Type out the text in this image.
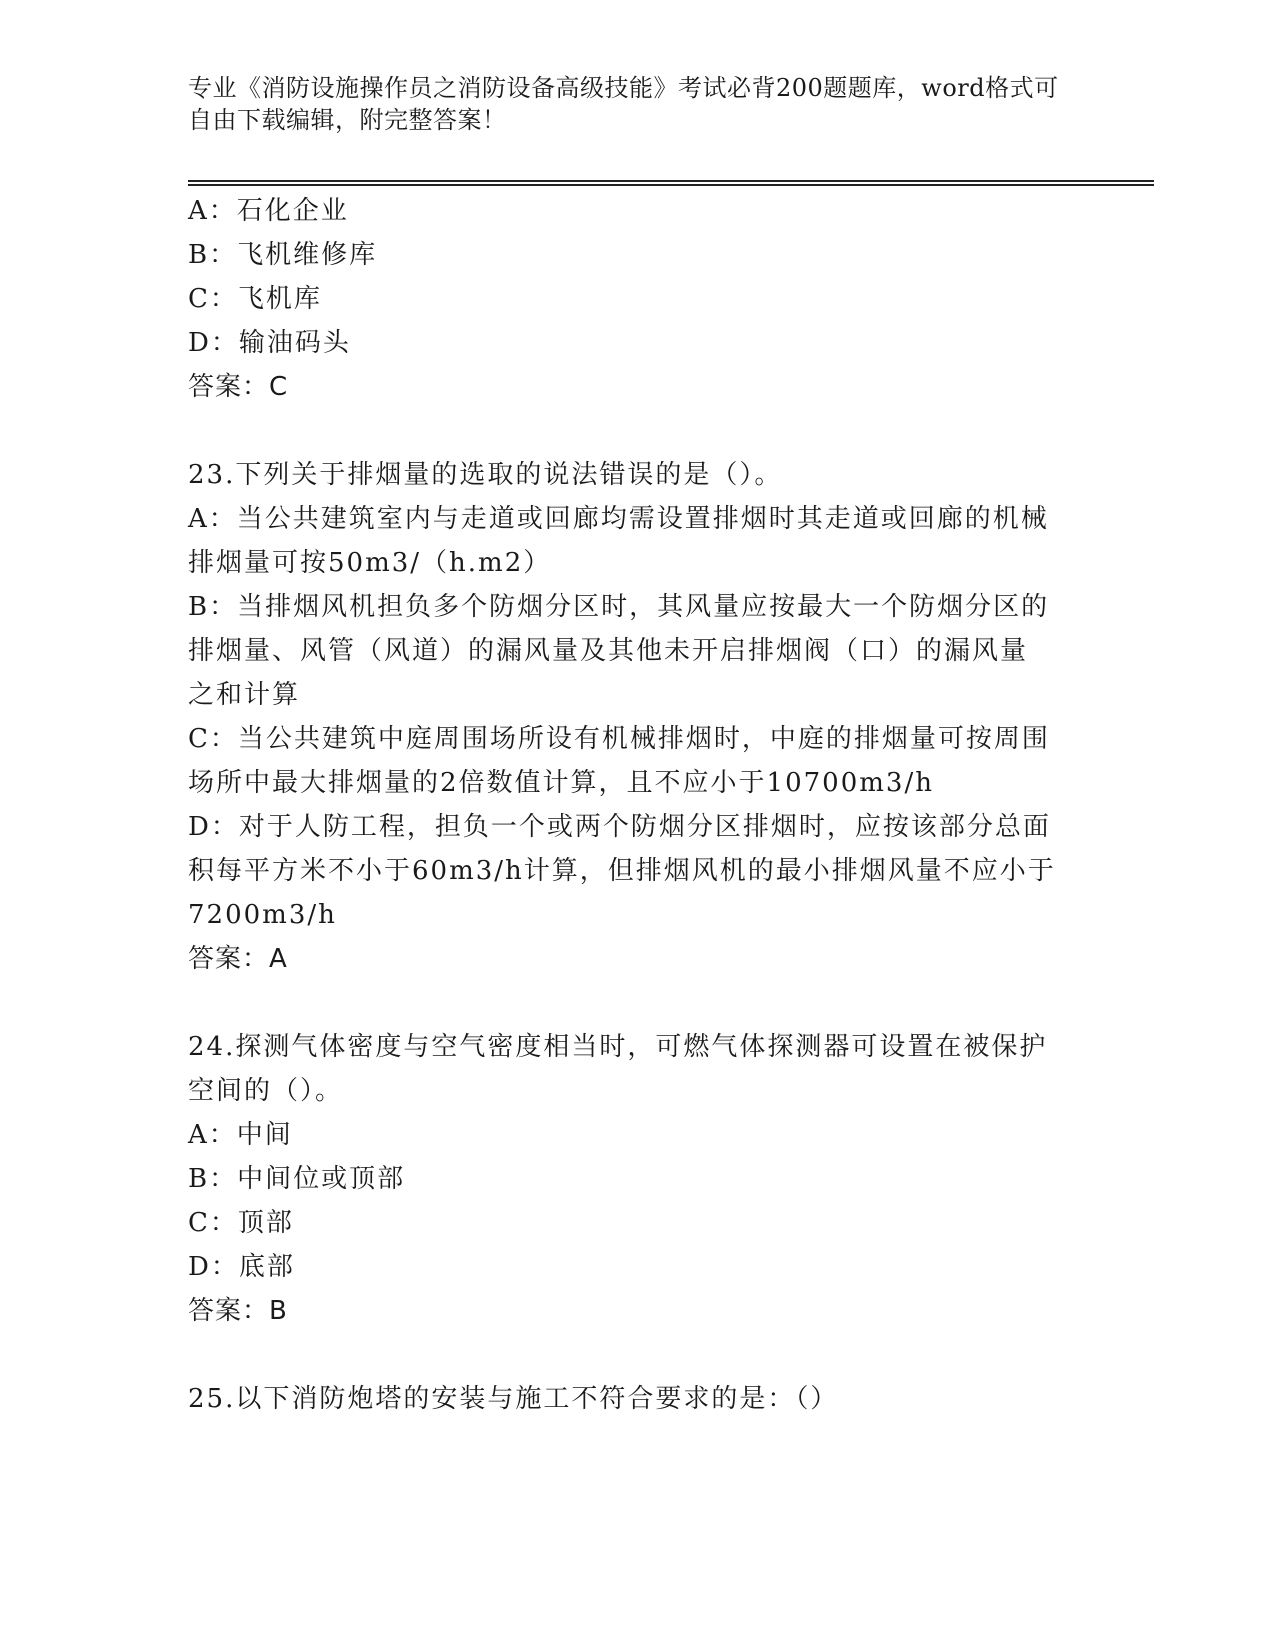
专业《消防设施操作员之消防设备高级技能》考试必背200题题库，word格式可
自由下载编辑，附完整答案！
A：石化企业
B：飞机维修库
C：飞机库
D：输油码头
答案：C
23.下列关于排烟量的选取的说法错误的是（）。
A：当公共建筑室内与走道或回廊均需设置排烟时其走道或回廊的机械
排烟量可按50m3/（h.m2）
B：当排烟风机担负多个防烟分区时，其风量应按最大一个防烟分区的
排烟量、风管（风道）的漏风量及其他未开启排烟阀（口）的漏风量
之和计算
C：当公共建筑中庭周围场所设有机械排烟时，中庭的排烟量可按周围
场所中最大排烟量的2倍数值计算，且不应小于10700m3/h
D：对于人防工程，担负一个或两个防烟分区排烟时，应按该部分总面
积每平方米不小于60m3/h计算，但排烟风机的最小排烟风量不应小于
7200m3/h
答案：A
24.探测气体密度与空气密度相当时，可燃气体探测器可设置在被保护
空间的（）。
A：中间
B：中间位或顶部
C：顶部
D：底部
答案：B
25.以下消防炮塔的安装与施工不符合要求的是：（）
